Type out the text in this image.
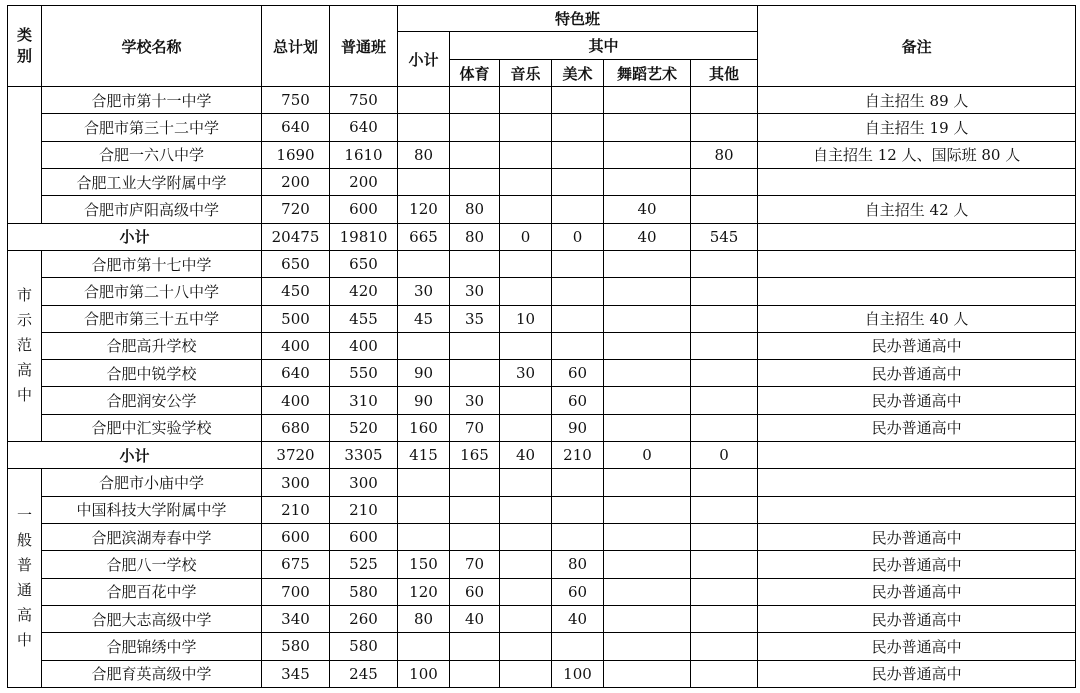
类别	学校名称	总计划	普通班	特色班						备注
				小计	其中					
					体育	音乐	美术	舞蹈艺术	其他	
	合肥市第十一中学	750	750							自主招生 89 人
	合肥市第三十二中学	640	640							自主招生 19 人
	合肥一六八中学	1690	1610	80					80	自主招生 12 人、国际班 80 人
	合肥工业大学附属中学	200	200							
	合肥市庐阳高级中学	720	600	120	80			40		自主招生 42 人
小计		20475	19810	665	80	0	0	40	545	
市示范高中	合肥市第十七中学	650	650							
	合肥市第二十八中学	450	420	30	30					
	合肥市第三十五中学	500	455	45	35	10				自主招生 40 人
	合肥高升学校	400	400							民办普通高中
	合肥中锐学校	640	550	90		30	60			民办普通高中
	合肥润安公学	400	310	90	30		60			民办普通高中
	合肥中汇实验学校	680	520	160	70		90			民办普通高中
小计		3720	3305	415	165	40	210	0	0	
一般普通高中	合肥市小庙中学	300	300							
	中国科技大学附属中学	210	210							
	合肥滨湖寿春中学	600	600							民办普通高中
	合肥八一学校	675	525	150	70		80			民办普通高中
	合肥百花中学	700	580	120	60		60			民办普通高中
	合肥大志高级中学	340	260	80	40		40			民办普通高中
	合肥锦绣中学	580	580							民办普通高中
	合肥育英高级中学	345	245	100			100			民办普通高中
